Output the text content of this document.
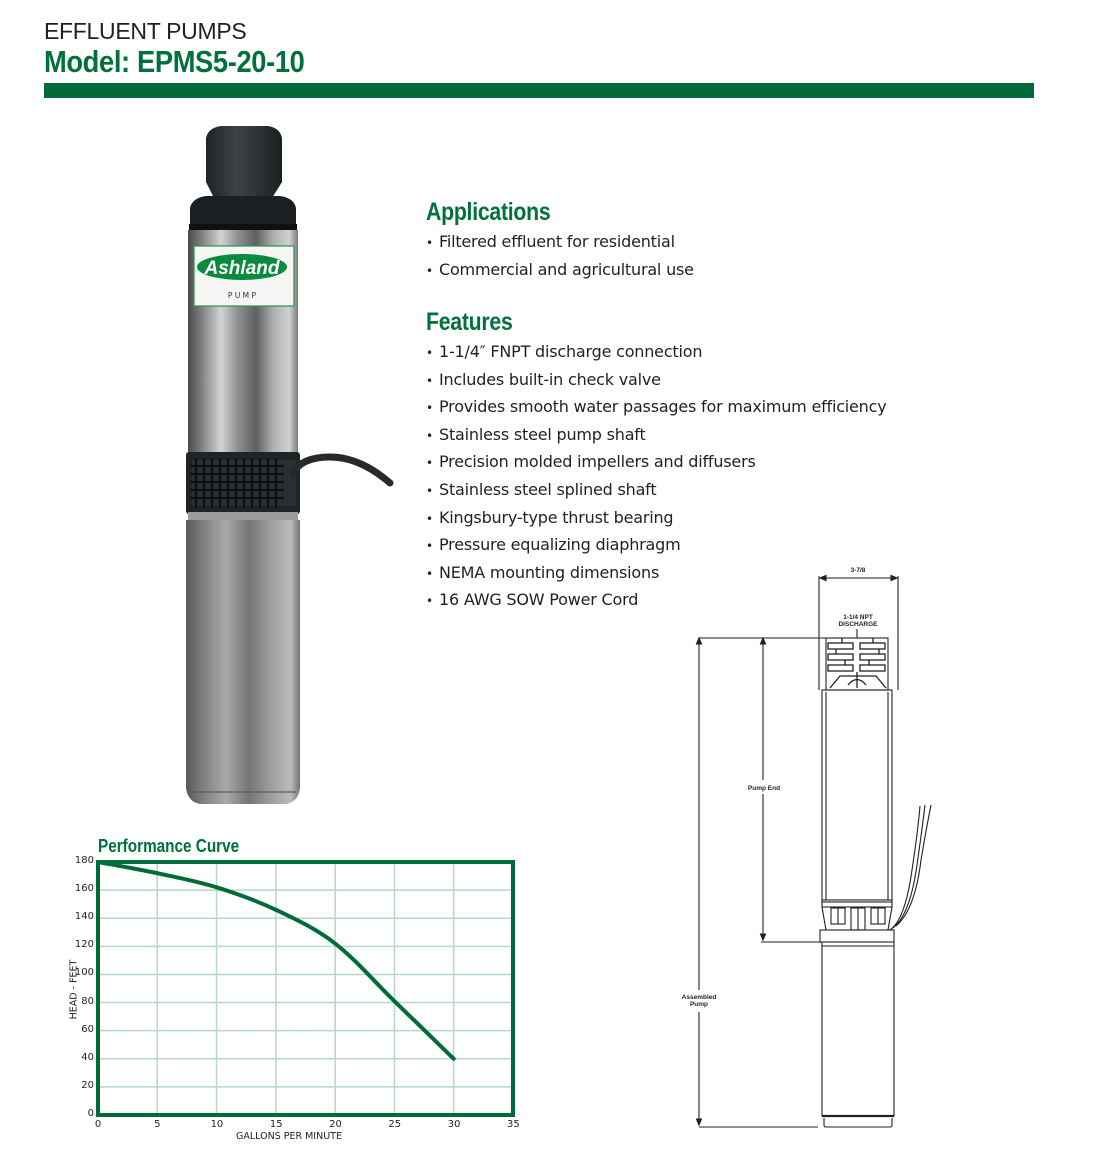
EFFLUENT PUMPS
Model: EPMS5-20-10
Ashland
P U M P
Applications
• Filtered effluent for residential
• Commercial and agricultural use
Features
• 1-1/4″ FNPT discharge connection
• Includes built-in check valve
• Provides smooth water passages for maximum efficiency
• Stainless steel pump shaft
• Precision molded impellers and diffusers
• Stainless steel splined shaft
• Kingsbury-type thrust bearing
• Pressure equalizing diaphragm
• NEMA mounting dimensions
• 16 AWG SOW Power Cord
Performance Curve
0
20
40
60
80
100
120
140
160
180
0	5	10	15	20	25	30	35
GALLONS PER MINUTE
HEAD - FEET
3-7/8
1-1/4 NPT
DISCHARGE
Pump End
Assembled
Pump
